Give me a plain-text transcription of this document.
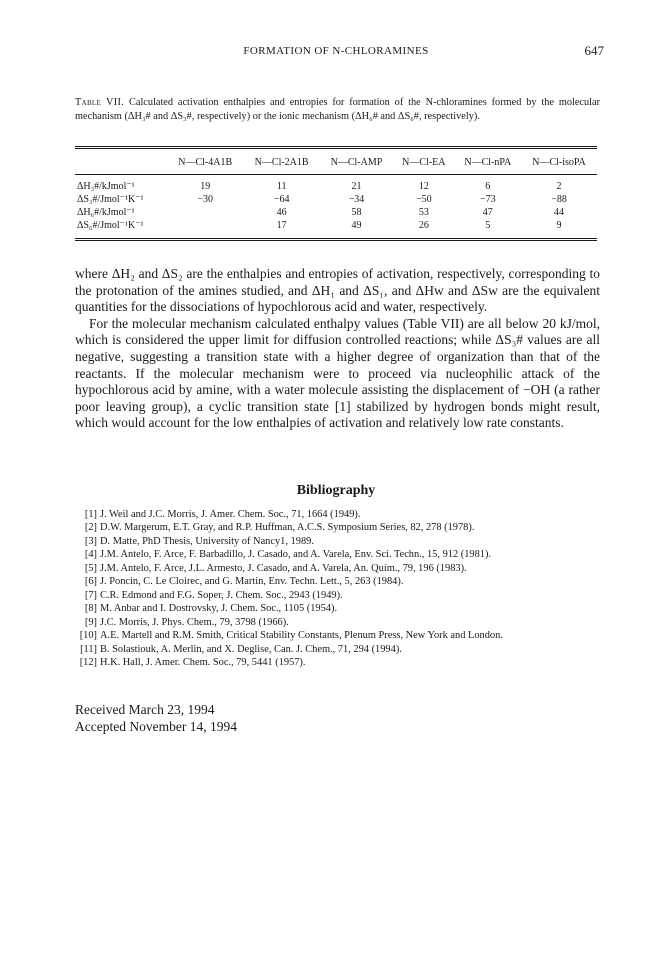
FORMATION OF N-CHLORAMINES	647
Table VII. Calculated activation enthalpies and entropies for formation of the N-chloramines formed by the molecular mechanism (ΔH₃# and ΔS₃#, respectively) or the ionic mechanism (ΔH₆# and ΔS₆#, respectively).
	N—Cl-4A1B	N—Cl-2A1B	N—Cl-AMP	N—Cl-EA	N—Cl-nPA	N—Cl-isoPA
ΔH₃#/kJmol⁻¹	19	11	21	12	6	2
ΔS₃#/Jmol⁻¹K⁻¹	−30	−64	−34	−50	−73	−88
ΔH₆#/kJmol⁻¹		46	58	53	47	44
ΔS₆#/Jmol⁻¹K⁻¹		17	49	26	5	9

where ΔH₂ and ΔS₂ are the enthalpies and entropies of activation, respectively, corresponding to the protonation of the amines studied, and ΔH₁ and ΔS₁, and ΔHw and ΔSw are the equivalent quantities for the dissociations of hypochlorous acid and water, respectively.

For the molecular mechanism calculated enthalpy values (Table VII) are all below 20 kJ/mol, which is considered the upper limit for diffusion controlled reactions; while ΔS₃# values are all negative, suggesting a transition state with a higher degree of organization than that of the reactants. If the molecular mechanism were to proceed via nucleophilic attack of the hypochlorous acid by amine, with a water molecule assisting the displacement of −OH (a rather poor leaving group), a cyclic transition state [1] stabilized by hydrogen bonds might result, which would account for the low enthalpies of activation and relatively low rate constants.

Bibliography
[1] J. Weil and J.C. Morris, J. Amer. Chem. Soc., 71, 1664 (1949).
[2] D.W. Margerum, E.T. Gray, and R.P. Huffman, A.C.S. Symposium Series, 82, 278 (1978).
[3] D. Matte, PhD Thesis, University of Nancy1, 1989.
[4] J.M. Antelo, F. Arce, F. Barbadillo, J. Casado, and A. Varela, Env. Sci. Techn., 15, 912 (1981).
[5] J.M. Antelo, F. Arce, J.L. Armesto, J. Casado, and A. Varela, An. Quím., 79, 196 (1983).
[6] J. Poncin, C. Le Cloirec, and G. Martin, Env. Techn. Lett., 5, 263 (1984).
[7] C.R. Edmond and F.G. Soper, J. Chem. Soc., 2943 (1949).
[8] M. Anbar and I. Dostrovsky, J. Chem. Soc., 1105 (1954).
[9] J.C. Morris, J. Phys. Chem., 79, 3798 (1966).
[10] A.E. Martell and R.M. Smith, Critical Stability Constants, Plenum Press, New York and London.
[11] B. Solastiouk, A. Merlin, and X. Deglise, Can. J. Chem., 71, 294 (1994).
[12] H.K. Hall, J. Amer. Chem. Soc., 79, 5441 (1957).
Received March 23, 1994
Accepted November 14, 1994
